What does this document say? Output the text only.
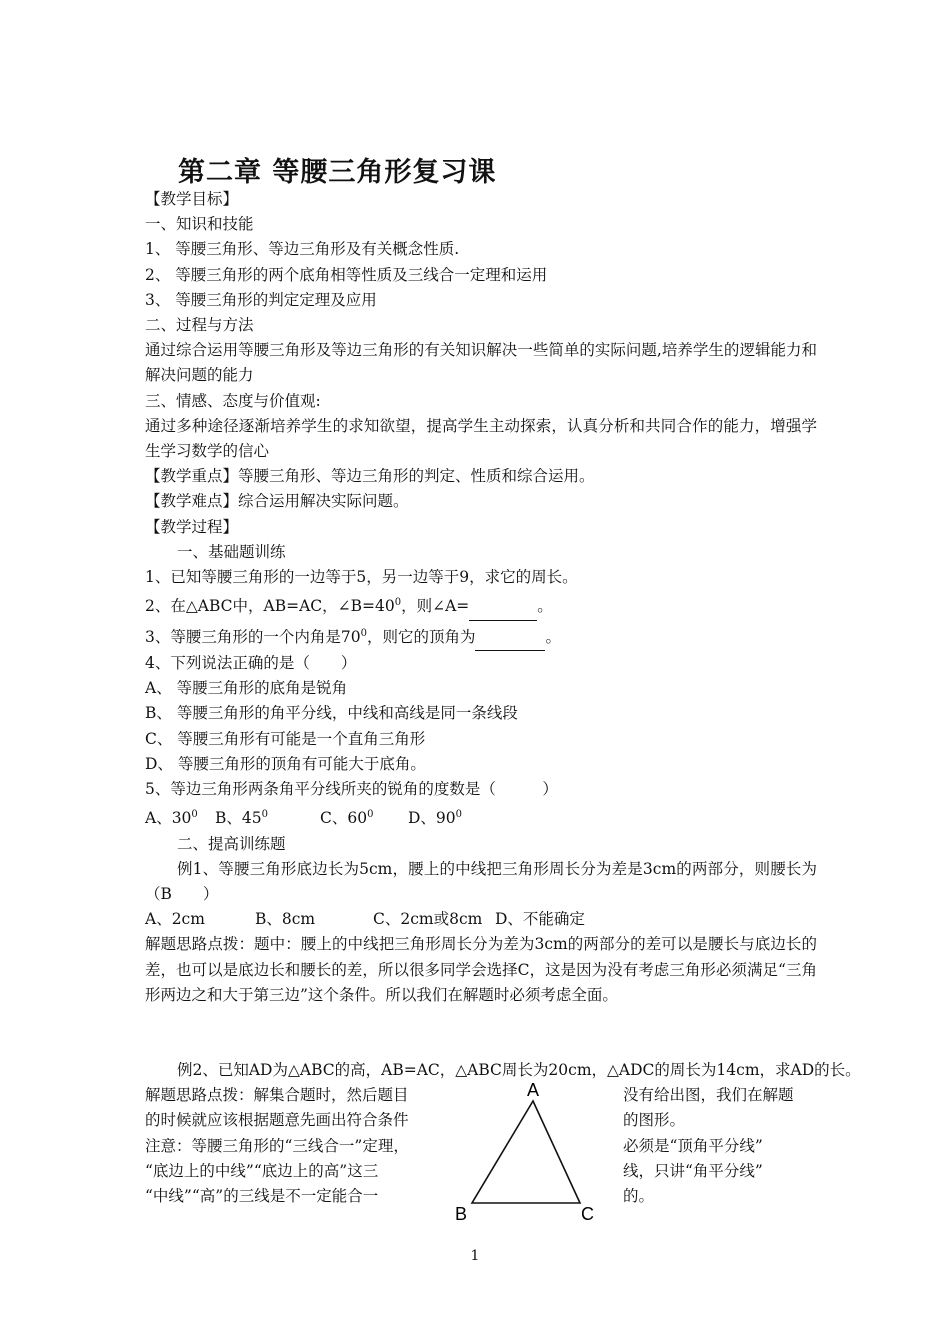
第二章 等腰三角形复习课
【教学目标】
一、知识和技能
1、 等腰三角形、等边三角形及有关概念性质.
2、 等腰三角形的两个底角相等性质及三线合一定理和运用
3、 等腰三角形的判定定理及应用
二、过程与方法
通过综合运用等腰三角形及等边三角形的有关知识解决一些简单的实际问题,培养学生的逻辑能力和解决问题的能力
三、情感、态度与价值观:
通过多种途径逐渐培养学生的求知欲望，提高学生主动探索，认真分析和共同合作的能力，增强学生学习数学的信心
【教学重点】等腰三角形、等边三角形的判定、性质和综合运用。
【教学难点】综合运用解决实际问题。
【教学过程】
一、基础题训练
1、已知等腰三角形的一边等于5，另一边等于9，求它的周长。
2、在△ABC中，AB=AC，$\angle B=40^0$，则∠A=	。
3、等腰三角形的一个内角是$70^0$，则它的顶角为	。
4、下列说法正确的是（　　）
A、 等腰三角形的底角是锐角
B、 等腰三角形的角平分线，中线和高线是同一条线段
C、 等腰三角形有可能是一个直角三角形
D、 等腰三角形的顶角有可能大于底角。
5、等边三角形两条角平分线所夹的锐角的度数是（　　　）
A、$30^0$ B、$45^0$	C、$60^0$ D、$90^0$
二、提高训练题
例1、等腰三角形底边长为5cm，腰上的中线把三角形周长分为差是3cm的两部分，则腰长为（B　　）
A、2cm	B、8cm	C、2cm或8cm D、不能确定
解题思路点拨：题中：腰上的中线把三角形周长分为差为3cm的两部分的差可以是腰长与底边长的差，也可以是底边长和腰长的差，所以很多同学会选择C，这是因为没有考虑三角形必须满足“三角形两边之和大于第三边”这个条件。所以我们在解题时必须考虑全面。
例2、已知AD为△ABC的高，AB=AC，△ABC周长为20cm，△ADC的周长为14cm，求AD的长。
解题思路点拨：解集合题时，然后题目
的时候就应该根据题意先画出符合条件
注意：等腰三角形的“三线合一”定理，
“底边上的中线”“底边上的高”这三
“中线”“高”的三线是不一定能合一
A
B	C
没有给出图，我们在解题
的图形。
必须是“顶角平分线”
线，只讲“角平分线”
的。
1
